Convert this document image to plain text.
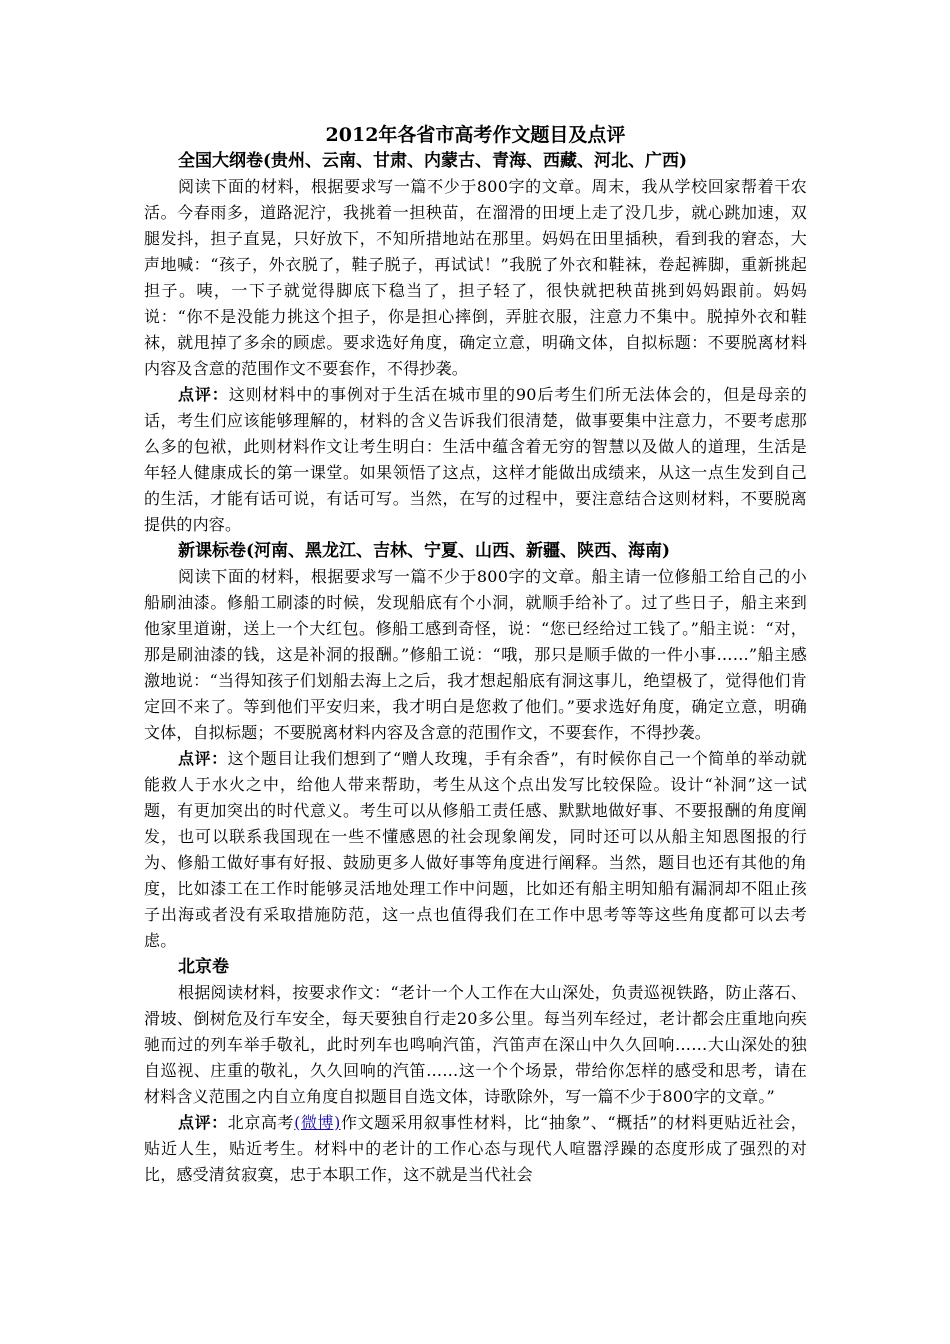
2012年各省市高考作文题目及点评

全国大纲卷(贵州、云南、甘肃、内蒙古、青海、西藏、河北、广西)

阅读下面的材料，根据要求写一篇不少于800字的文章。周末，我从学校回家帮着干农活。今春雨多，道路泥泞，我挑着一担秧苗，在溜滑的田埂上走了没几步，就心跳加速，双腿发抖，担子直晃，只好放下，不知所措地站在那里。妈妈在田里插秧，看到我的窘态，大声地喊：“孩子，外衣脱了，鞋子脱子，再试试！”我脱了外衣和鞋袜，卷起裤脚，重新挑起担子。咦，一下子就觉得脚底下稳当了，担子轻了，很快就把秧苗挑到妈妈跟前。妈妈说：“你不是没能力挑这个担子，你是担心摔倒，弄脏衣服，注意力不集中。脱掉外衣和鞋袜，就甩掉了多余的顾虑。要求选好角度，确定立意，明确文体，自拟标题：不要脱离材料内容及含意的范围作文不要套作，不得抄袭。

点评：这则材料中的事例对于生活在城市里的90后考生们所无法体会的，但是母亲的话，考生们应该能够理解的，材料的含义告诉我们很清楚，做事要集中注意力，不要考虑那么多的包袱，此则材料作文让考生明白：生活中蕴含着无穷的智慧以及做人的道理，生活是年轻人健康成长的第一课堂。如果领悟了这点，这样才能做出成绩来，从这一点生发到自己的生活，才能有话可说，有话可写。当然，在写的过程中，要注意结合这则材料，不要脱离提供的内容。

新课标卷(河南、黑龙江、吉林、宁夏、山西、新疆、陕西、海南)

阅读下面的材料，根据要求写一篇不少于800字的文章。船主请一位修船工给自己的小船刷油漆。修船工刷漆的时候，发现船底有个小洞，就顺手给补了。过了些日子，船主来到他家里道谢，送上一个大红包。修船工感到奇怪，说：“您已经给过工钱了。”船主说：“对，那是刷油漆的钱，这是补洞的报酬。”修船工说：“哦，那只是顺手做的一件小事……”船主感激地说：“当得知孩子们划船去海上之后，我才想起船底有洞这事儿，绝望极了，觉得他们肯定回不来了。等到他们平安归来，我才明白是您救了他们。”要求选好角度，确定立意，明确文体，自拟标题；不要脱离材料内容及含意的范围作文，不要套作，不得抄袭。

点评：这个题目让我们想到了“赠人玫瑰，手有余香”，有时候你自己一个简单的举动就能救人于水火之中，给他人带来帮助，考生从这个点出发写比较保险。设计“补洞”这一试题，有更加突出的时代意义。考生可以从修船工责任感、默默地做好事、不要报酬的角度阐发，也可以联系我国现在一些不懂感恩的社会现象阐发，同时还可以从船主知恩图报的行为、修船工做好事有好报、鼓励更多人做好事等角度进行阐释。当然，题目也还有其他的角度，比如漆工在工作时能够灵活地处理工作中问题，比如还有船主明知船有漏洞却不阻止孩子出海或者没有采取措施防范，这一点也值得我们在工作中思考等等这些角度都可以去考虑。

北京卷

根据阅读材料，按要求作文：“老计一个人工作在大山深处，负责巡视铁路，防止落石、滑坡、倒树危及行车安全，每天要独自行走20多公里。每当列车经过，老计都会庄重地向疾驰而过的列车举手敬礼，此时列车也鸣响汽笛，汽笛声在深山中久久回响……大山深处的独自巡视、庄重的敬礼，久久回响的汽笛……这一个个场景，带给你怎样的感受和思考，请在材料含义范围之内自立角度自拟题目自选文体，诗歌除外，写一篇不少于800字的文章。”

点评：北京高考(微博)作文题采用叙事性材料，比“抽象”、“概括”的材料更贴近社会，贴近人生，贴近考生。材料中的老计的工作心态与现代人喧嚣浮躁的态度形成了强烈的对比，感受清贫寂寞，忠于本职工作，这不就是当代社会
